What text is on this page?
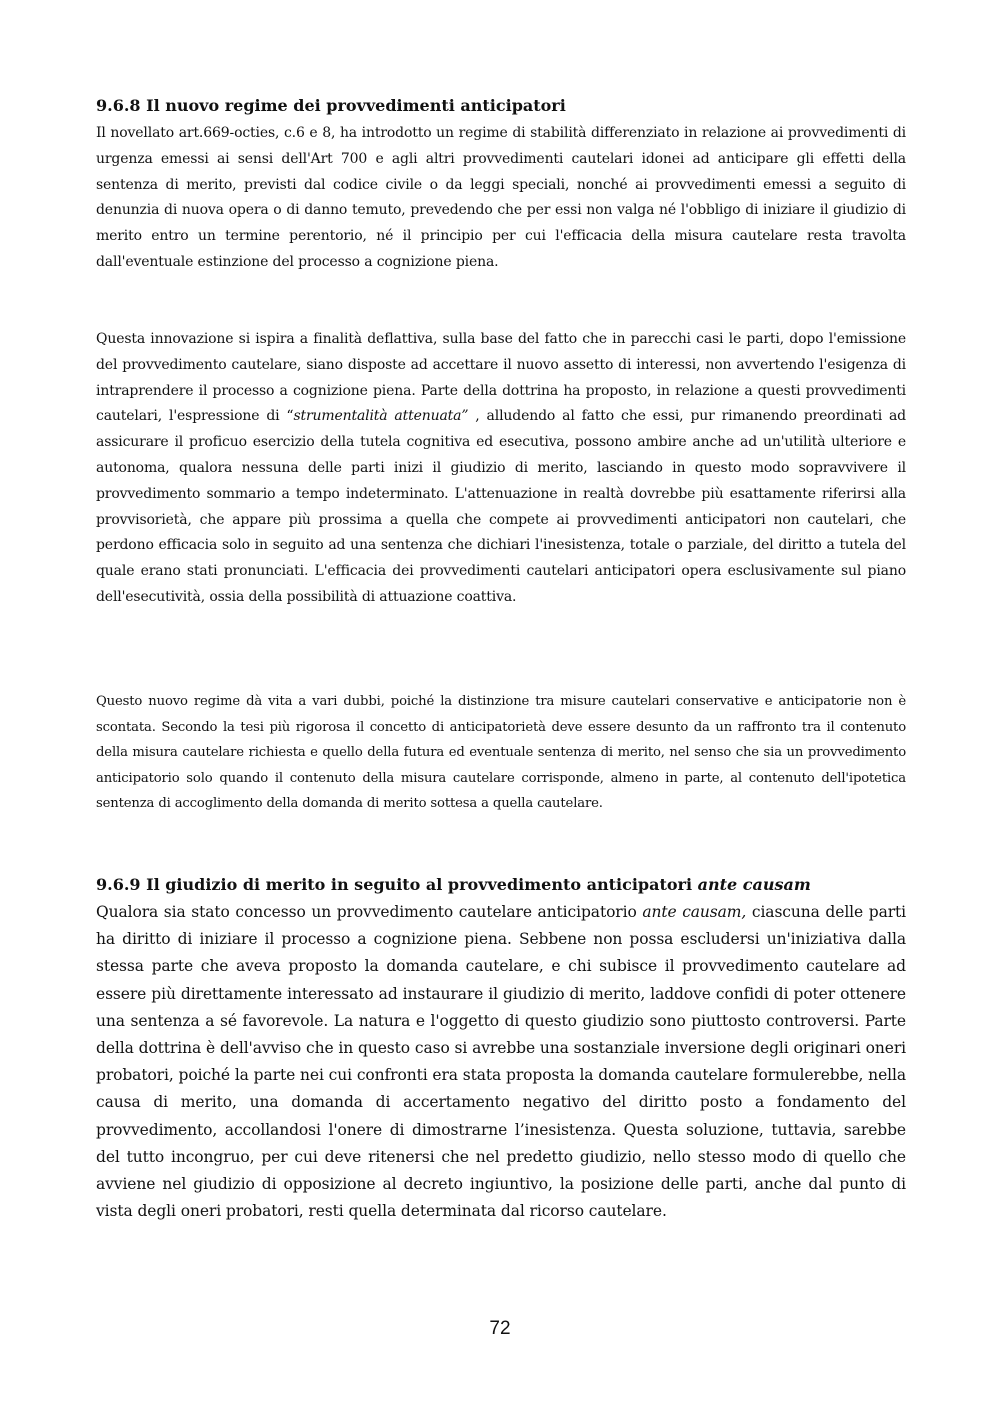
9.6.8 Il nuovo regime dei provvedimenti anticipatori

Il novellato art.669-octies, c.6 e 8, ha introdotto un regime di stabilità differenziato in relazione ai provvedimenti di urgenza emessi ai sensi dell'Art 700 e agli altri provvedimenti cautelari idonei ad anticipare gli effetti della sentenza di merito, previsti dal codice civile o da leggi speciali, nonché ai provvedimenti emessi a seguito di denunzia di nuova opera o di danno temuto, prevedendo che per essi non valga né l'obbligo di iniziare il giudizio di merito entro un termine perentorio, né il principio per cui l'efficacia della misura cautelare resta travolta dall'eventuale estinzione del processo a cognizione piena.

Questa innovazione si ispira a finalità deflattiva, sulla base del fatto che in parecchi casi le parti, dopo l'emissione del provvedimento cautelare, siano disposte ad accettare il nuovo assetto di interessi, non avvertendo l'esigenza di intraprendere il processo a cognizione piena. Parte della dottrina ha proposto, in relazione a questi provvedimenti cautelari, l'espressione di “strumentalità attenuata” , alludendo al fatto che essi, pur rimanendo preordinati ad assicurare il proficuo esercizio della tutela cognitiva ed esecutiva, possono ambire anche ad un'utilità ulteriore e autonoma, qualora nessuna delle parti inizi il giudizio di merito, lasciando in questo modo sopravvivere il provvedimento sommario a tempo indeterminato. L'attenuazione in realtà dovrebbe più esattamente riferirsi alla provvisorietà, che appare più prossima a quella che compete ai provvedimenti anticipatori non cautelari, che perdono efficacia solo in seguito ad una sentenza che dichiari l'inesistenza, totale o parziale, del diritto a tutela del quale erano stati pronunciati. L'efficacia dei provvedimenti cautelari anticipatori opera esclusivamente sul piano dell'esecutività, ossia della possibilità di attuazione coattiva.

Questo nuovo regime dà vita a vari dubbi, poiché la distinzione tra misure cautelari conservative e anticipatorie non è scontata. Secondo la tesi più rigorosa il concetto di anticipatorietà deve essere desunto da un raffronto tra il contenuto della misura cautelare richiesta e quello della futura ed eventuale sentenza di merito, nel senso che sia un provvedimento anticipatorio solo quando il contenuto della misura cautelare corrisponde, almeno in parte, al contenuto dell'ipotetica sentenza di accoglimento della domanda di merito sottesa a quella cautelare.

9.6.9 Il giudizio di merito in seguito al provvedimento anticipatori ante causam

Qualora sia stato concesso un provvedimento cautelare anticipatorio ante causam, ciascuna delle parti ha diritto di iniziare il processo a cognizione piena. Sebbene non possa escludersi un'iniziativa dalla stessa parte che aveva proposto la domanda cautelare, e chi subisce il provvedimento cautelare ad essere più direttamente interessato ad instaurare il giudizio di merito, laddove confidi di poter ottenere una sentenza a sé favorevole. La natura e l'oggetto di questo giudizio sono piuttosto controversi. Parte della dottrina è dell'avviso che in questo caso si avrebbe una sostanziale inversione degli originari oneri probatori, poiché la parte nei cui confronti era stata proposta la domanda cautelare formulerebbe, nella causa di merito, una domanda di accertamento negativo del diritto posto a fondamento del provvedimento, accollandosi l'onere di dimostrarne l’inesistenza. Questa soluzione, tuttavia, sarebbe del tutto incongruo, per cui deve ritenersi che nel predetto giudizio, nello stesso modo di quello che avviene nel giudizio di opposizione al decreto ingiuntivo, la posizione delle parti, anche dal punto di vista degli oneri probatori, resti quella determinata dal ricorso cautelare.

72
